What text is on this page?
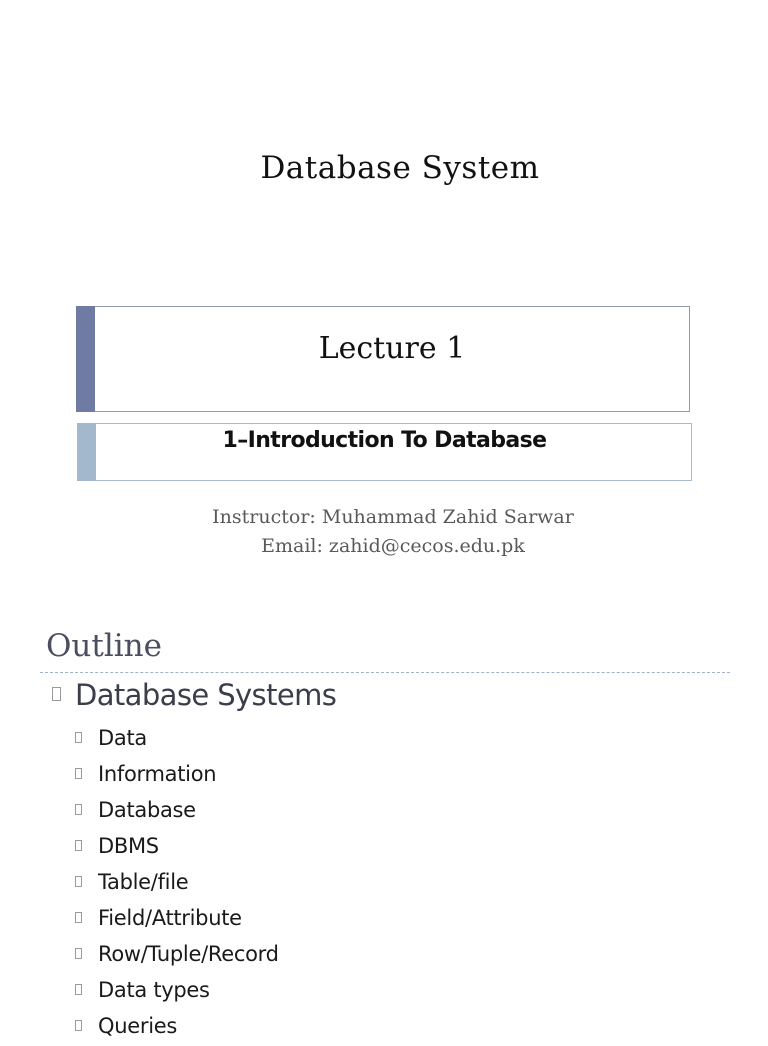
Database System
Lecture 1
1–Introduction To Database
Instructor: Muhammad Zahid Sarwar
Email: zahid@cecos.edu.pk
Outline
Database Systems
Data
Information
Database
DBMS
Table/file
Field/Attribute
Row/Tuple/Record
Data types
Queries
